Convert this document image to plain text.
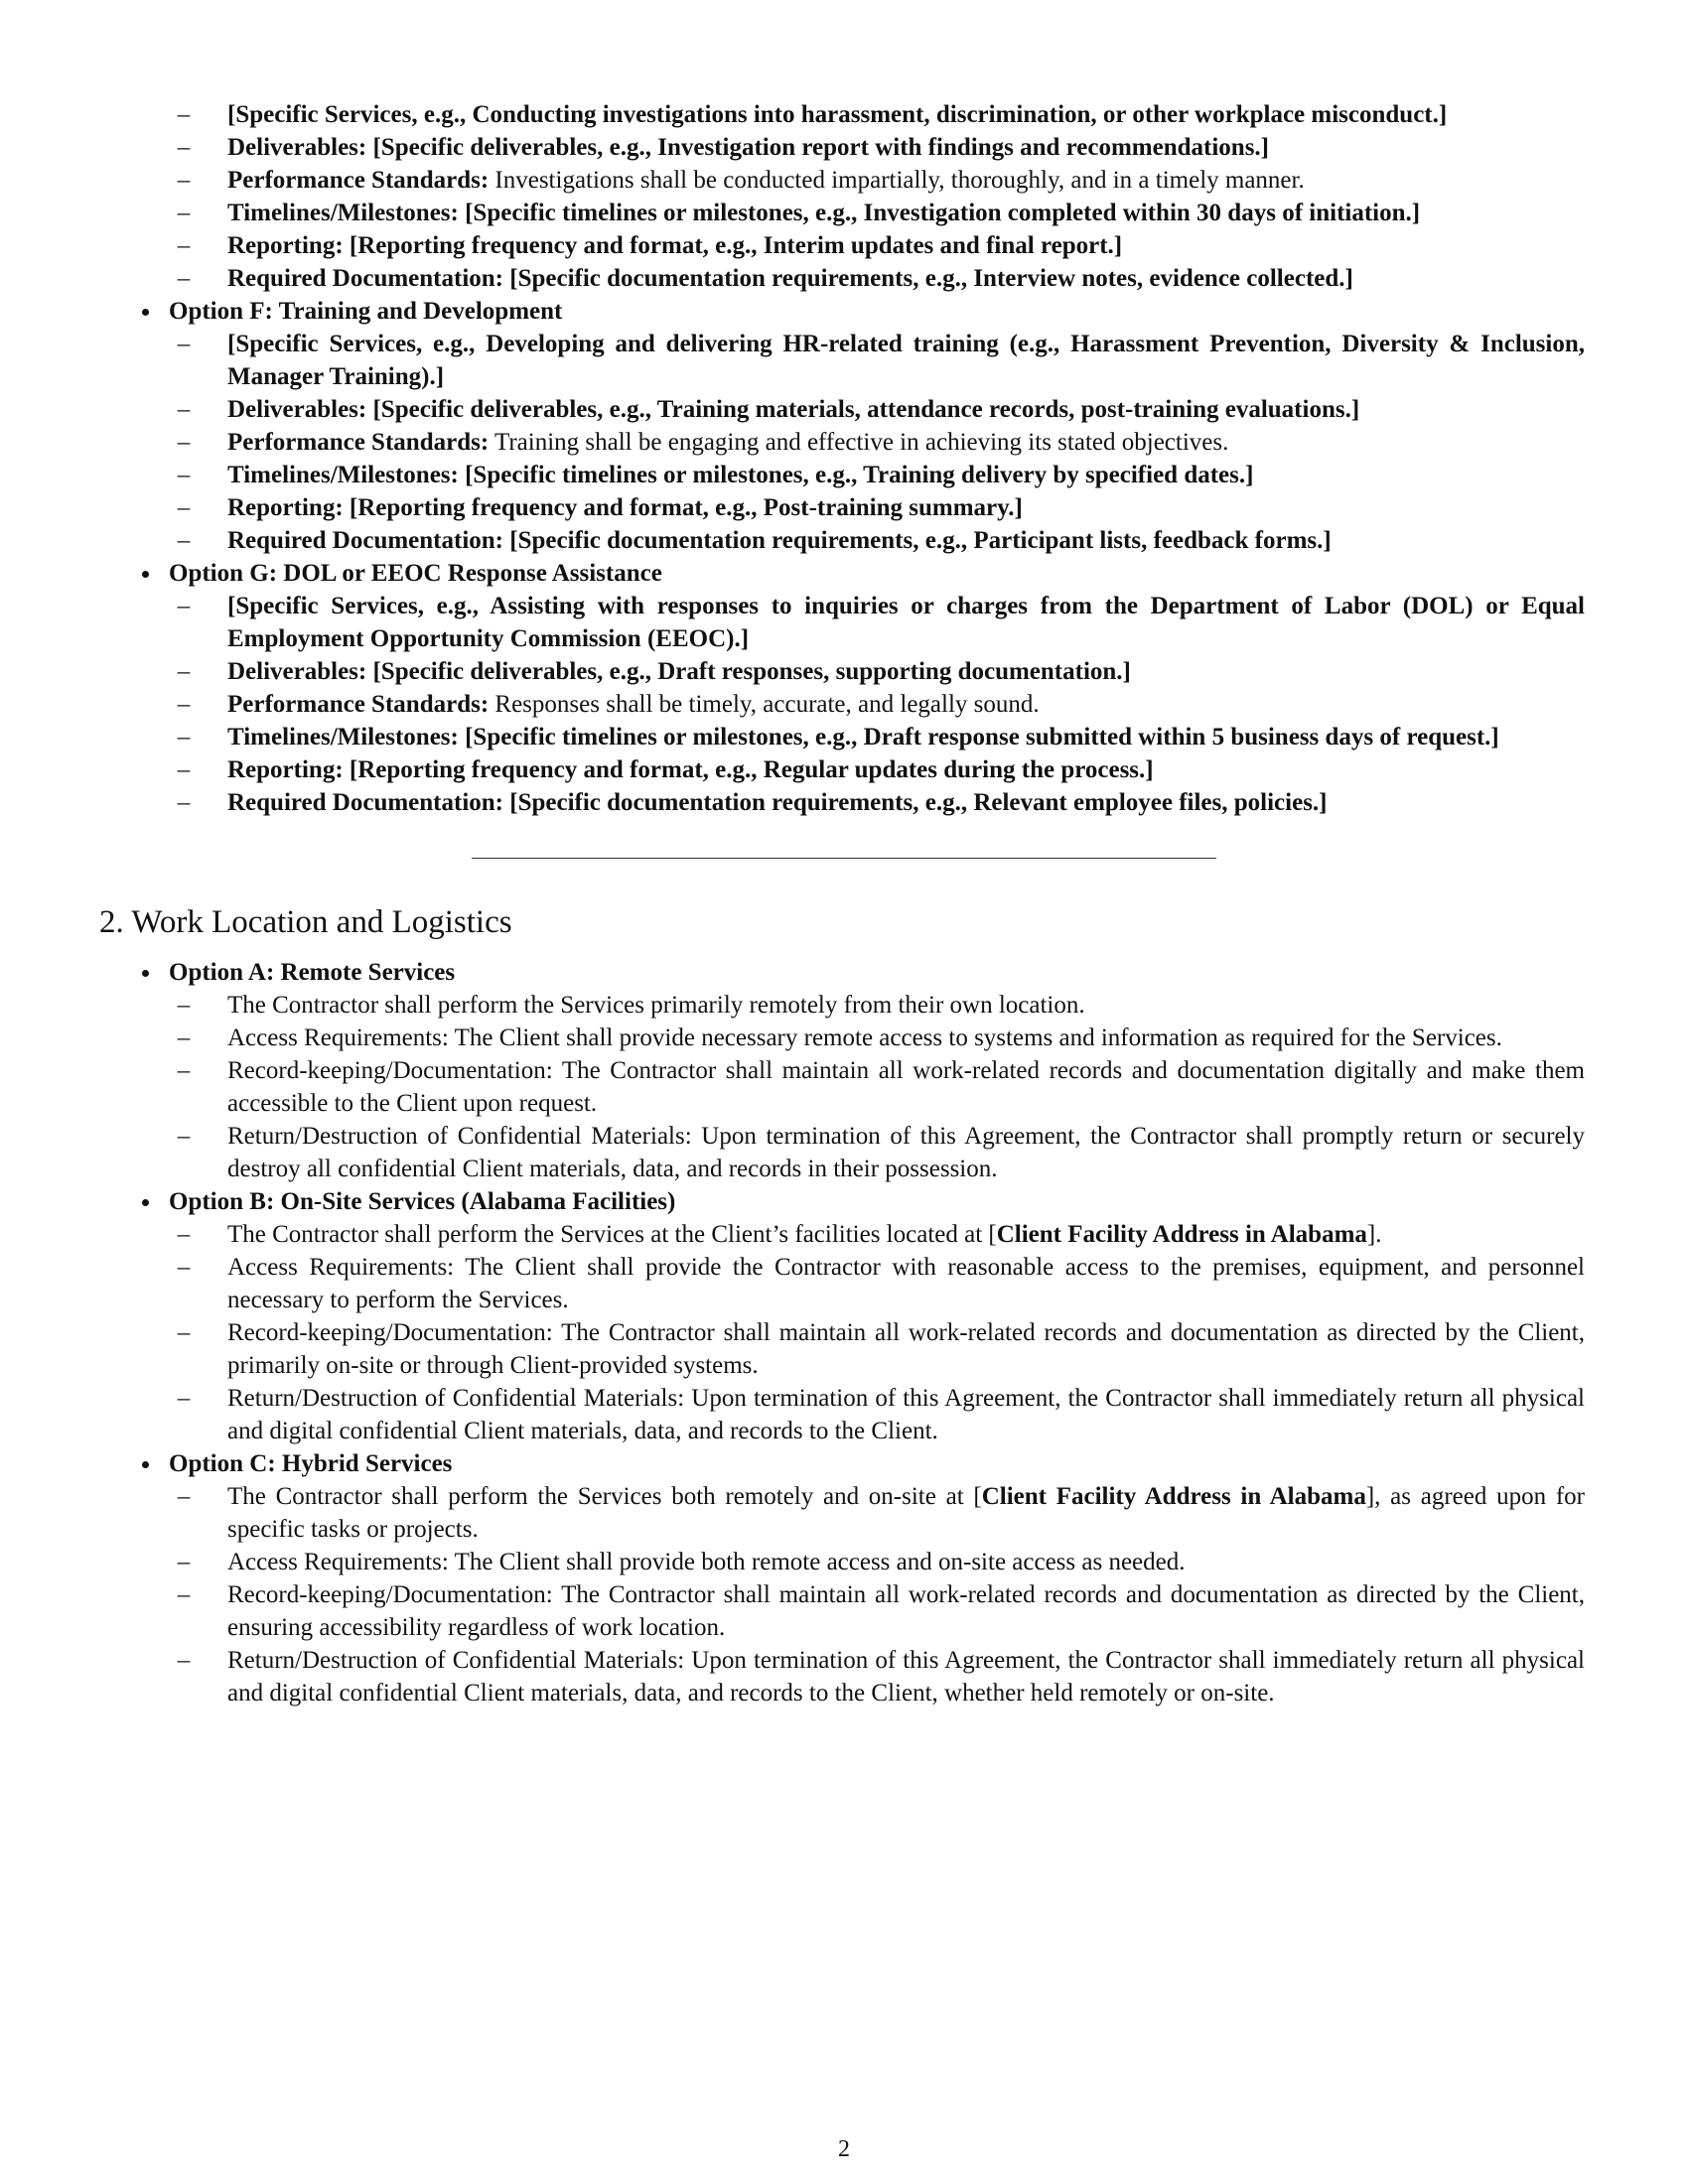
–	[Specific Services, e.g., Conducting investigations into harassment, discrimination, or other workplace misconduct.]
–	Deliverables: [Specific deliverables, e.g., Investigation report with findings and recommendations.]
–	Performance Standards: Investigations shall be conducted impartially, thoroughly, and in a timely manner.
–	Timelines/Milestones: [Specific timelines or milestones, e.g., Investigation completed within 30 days of initiation.]
–	Reporting: [Reporting frequency and format, e.g., Interim updates and final report.]
–	Required Documentation: [Specific documentation requirements, e.g., Interview notes, evidence collected.]
Option F: Training and Development
–	[Specific Services, e.g., Developing and delivering HR-related training (e.g., Harassment Prevention, Diversity & Inclusion, Manager Training).]
–	Deliverables: [Specific deliverables, e.g., Training materials, attendance records, post-training evaluations.]
–	Performance Standards: Training shall be engaging and effective in achieving its stated objectives.
–	Timelines/Milestones: [Specific timelines or milestones, e.g., Training delivery by specified dates.]
–	Reporting: [Reporting frequency and format, e.g., Post-training summary.]
–	Required Documentation: [Specific documentation requirements, e.g., Participant lists, feedback forms.]
Option G: DOL or EEOC Response Assistance
–	[Specific Services, e.g., Assisting with responses to inquiries or charges from the Department of Labor (DOL) or Equal Employment Opportunity Commission (EEOC).]
–	Deliverables: [Specific deliverables, e.g., Draft responses, supporting documentation.]
–	Performance Standards: Responses shall be timely, accurate, and legally sound.
–	Timelines/Milestones: [Specific timelines or milestones, e.g., Draft response submitted within 5 business days of request.]
–	Reporting: [Reporting frequency and format, e.g., Regular updates during the process.]
–	Required Documentation: [Specific documentation requirements, e.g., Relevant employee files, policies.]
2. Work Location and Logistics
Option A: Remote Services
–	The Contractor shall perform the Services primarily remotely from their own location.
–	Access Requirements: The Client shall provide necessary remote access to systems and information as required for the Services.
–	Record-keeping/Documentation: The Contractor shall maintain all work-related records and documentation digitally and make them accessible to the Client upon request.
–	Return/Destruction of Confidential Materials: Upon termination of this Agreement, the Contractor shall promptly return or securely destroy all confidential Client materials, data, and records in their possession.
Option B: On-Site Services (Alabama Facilities)
–	The Contractor shall perform the Services at the Client’s facilities located at [Client Facility Address in Alabama].
–	Access Requirements: The Client shall provide the Contractor with reasonable access to the premises, equipment, and personnel necessary to perform the Services.
–	Record-keeping/Documentation: The Contractor shall maintain all work-related records and documentation as directed by the Client, primarily on-site or through Client-provided systems.
–	Return/Destruction of Confidential Materials: Upon termination of this Agreement, the Contractor shall immediately return all physical and digital confidential Client materials, data, and records to the Client.
Option C: Hybrid Services
–	The Contractor shall perform the Services both remotely and on-site at [Client Facility Address in Alabama], as agreed upon for specific tasks or projects.
–	Access Requirements: The Client shall provide both remote access and on-site access as needed.
–	Record-keeping/Documentation: The Contractor shall maintain all work-related records and documentation as directed by the Client, ensuring accessibility regardless of work location.
–	Return/Destruction of Confidential Materials: Upon termination of this Agreement, the Contractor shall immediately return all physical and digital confidential Client materials, data, and records to the Client, whether held remotely or on-site.
2
